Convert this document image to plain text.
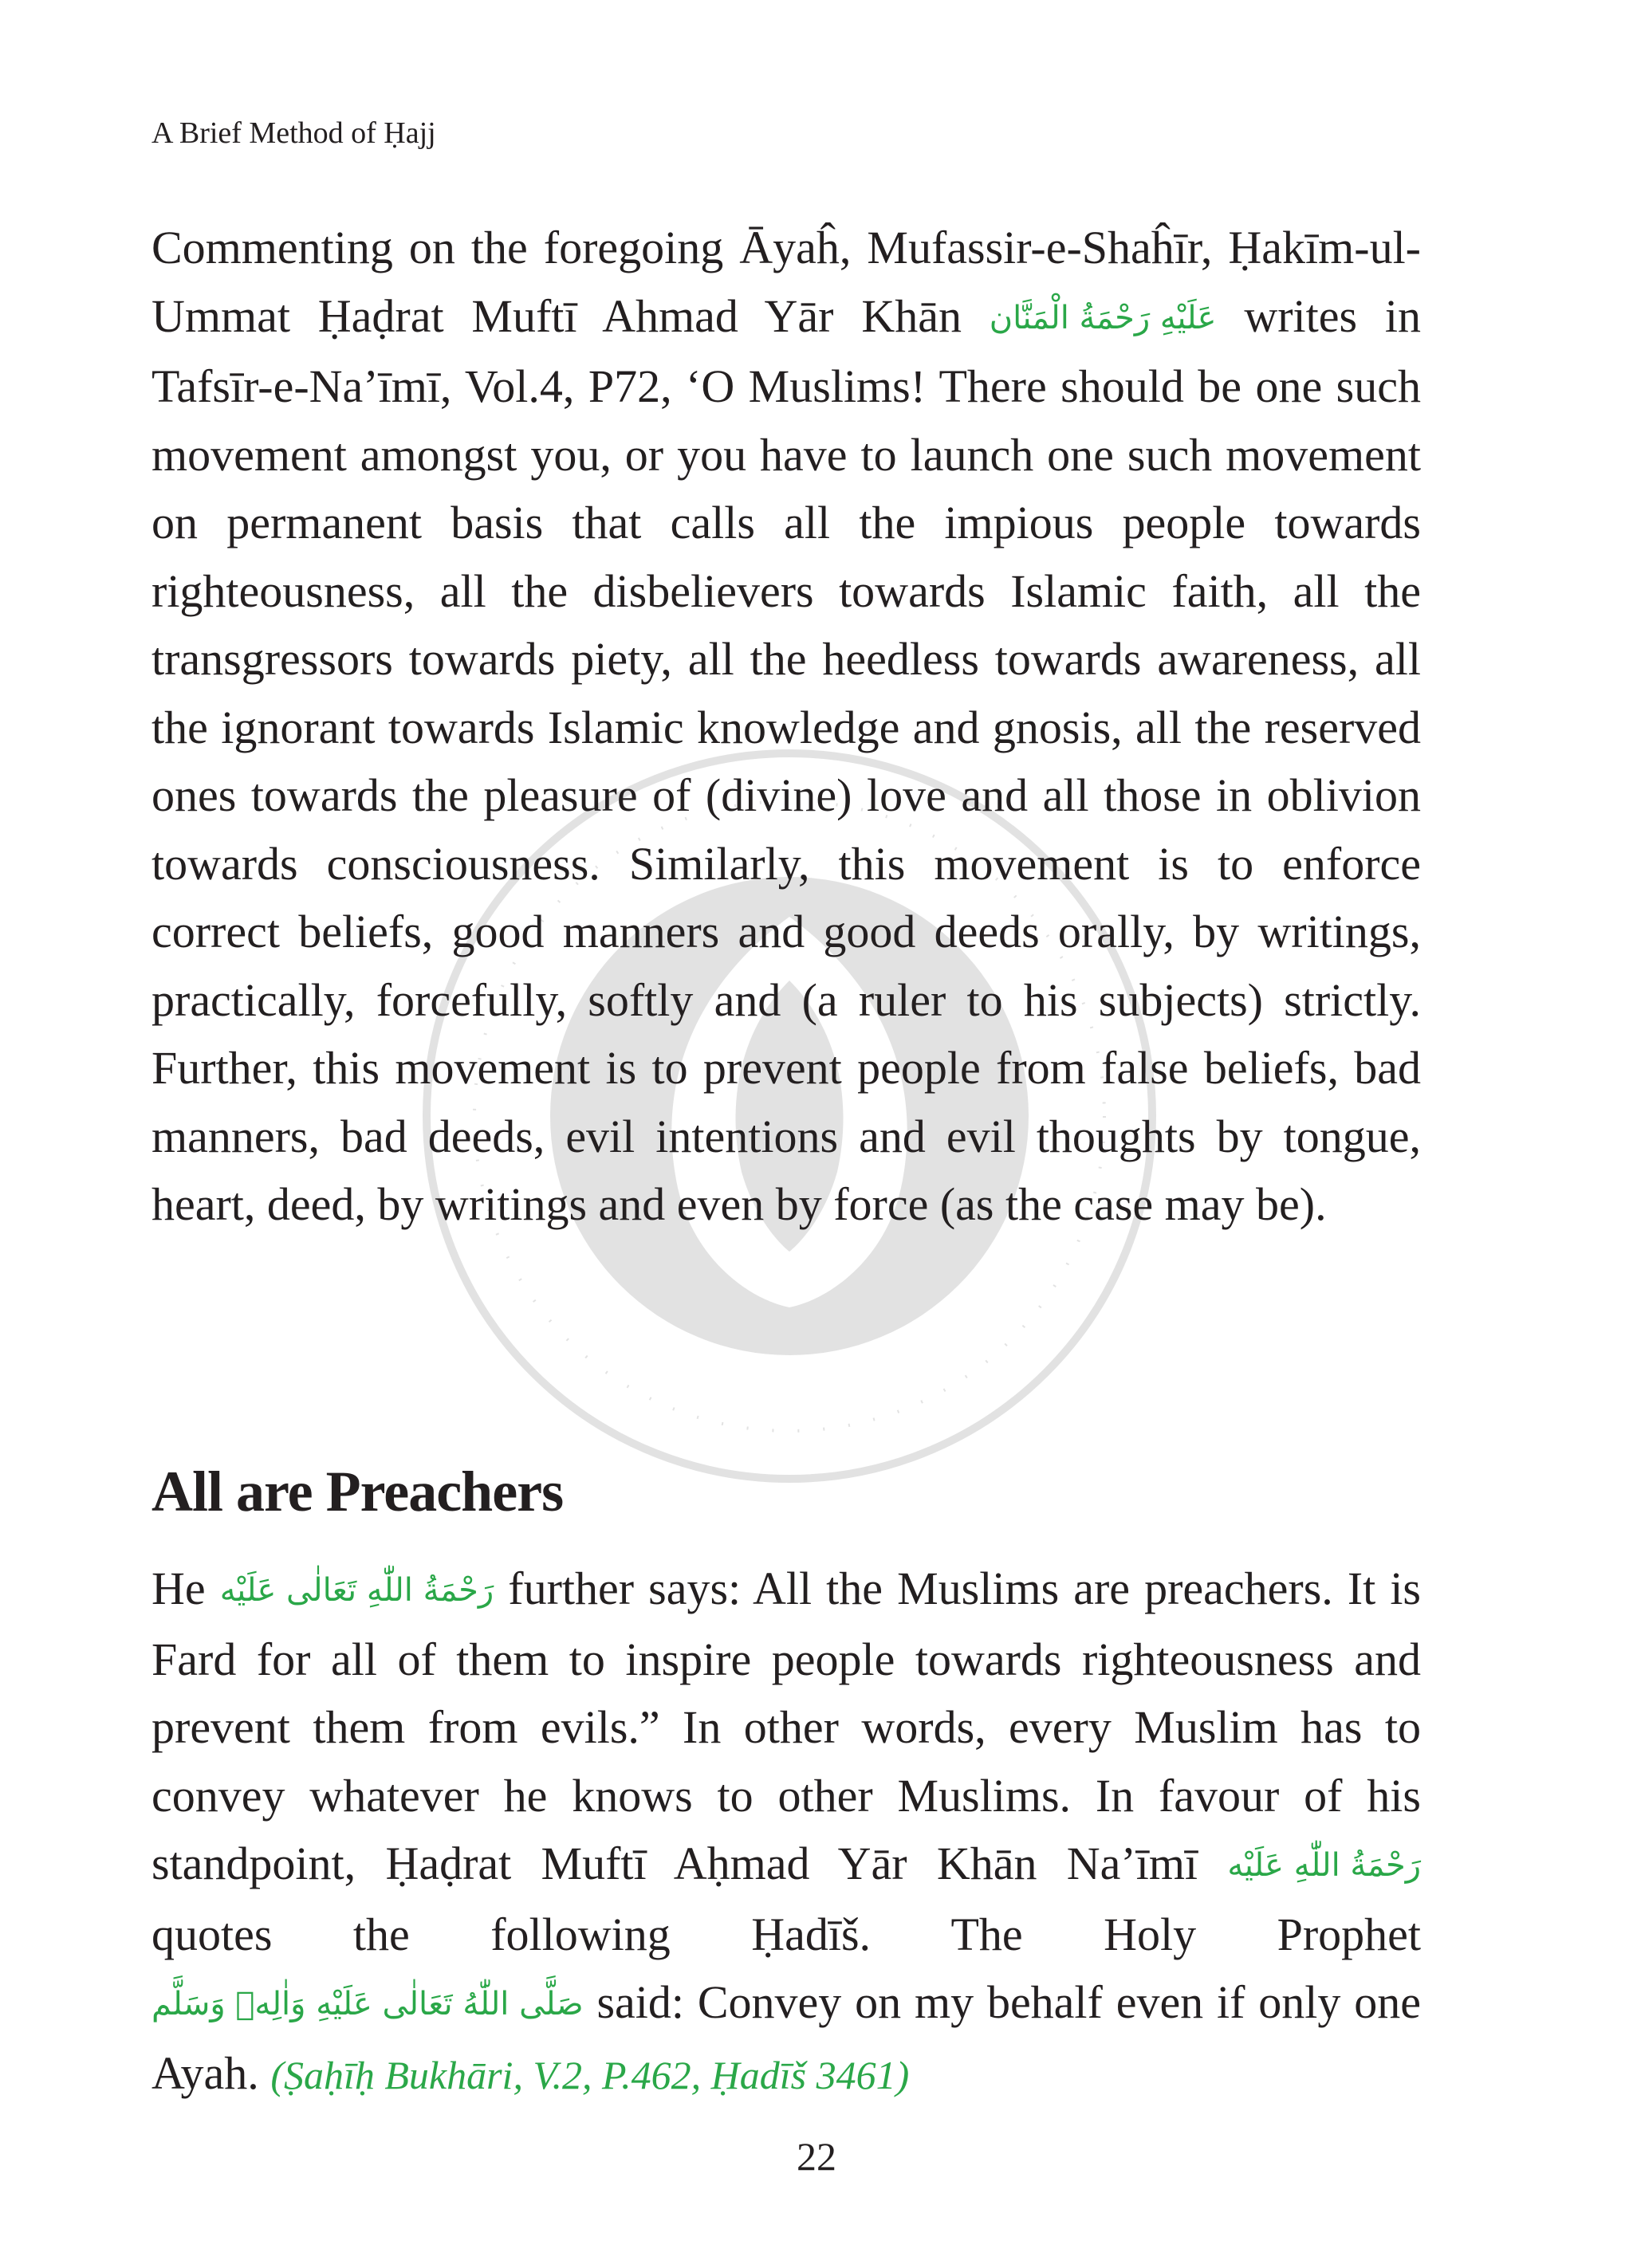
A Brief Method of Ḥajj

Commenting on the foregoing Āyaĥ, Mufassir-e-Shaĥīr, Ḥakīm-ul-Ummat Ḥaḍrat Muftī Ahmad Yār Khān عَلَيْهِ رَحْمَةُ الْمَنَّان writes in Tafsīr-e-Na’īmī, Vol.4, P72, ‘O Muslims! There should be one such movement amongst you, or you have to launch one such movement on permanent basis that calls all the impious people towards righteousness, all the disbelievers towards Islamic faith, all the transgressors towards piety, all the heedless towards awareness, all the ignorant towards Islamic knowledge and gnosis, all the reserved ones towards the pleasure of (divine) love and all those in oblivion towards consciousness. Similarly, this movement is to enforce correct beliefs, good manners and good deeds orally, by writings, practically, forcefully, softly and (a ruler to his subjects) strictly. Further, this movement is to prevent people from false beliefs, bad manners, bad deeds, evil intentions and evil thoughts by tongue, heart, deed, by writings and even by force (as the case may be).

All are Preachers

He رَحْمَةُ اللّٰهِ تَعَالٰى عَلَيْه further says: All the Muslims are preachers. It is Fard for all of them to inspire people towards righteousness and prevent them from evils.” In other words, every Muslim has to convey whatever he knows to other Muslims. In favour of his standpoint, Ḥaḍrat Muftī Aḥmad Yār Khān Na’īmī رَحْمَةُ اللّٰهِ عَلَيْه quotes the following Ḥadīš. The Holy Prophet صَلَّى اللّٰهُ تَعَالٰى عَلَيْهِ وَاٰلِهٖ وَسَلَّم said: Convey on my behalf even if only one Ayah. (Ṣaḥīḥ Bukhāri, V.2, P.462, Ḥadīš 3461)

22
